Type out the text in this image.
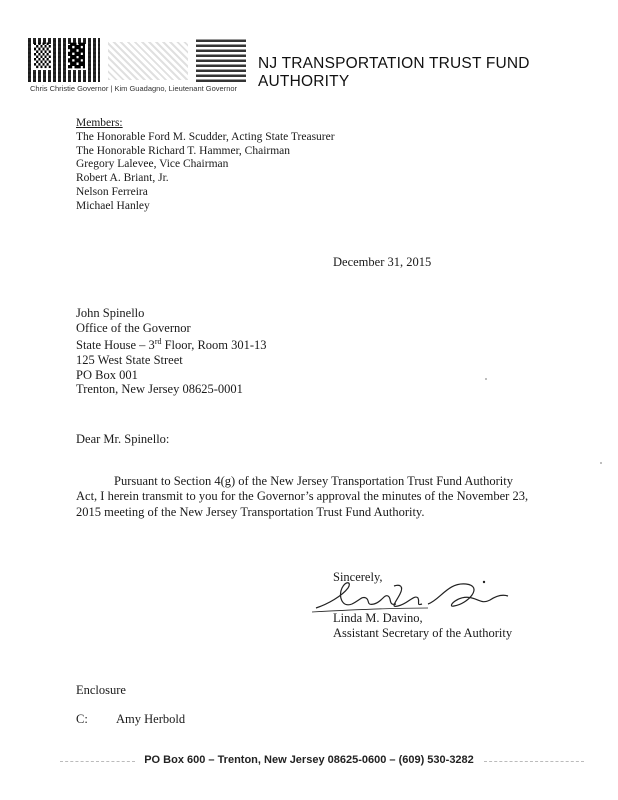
▒ ▓	NJ TRANSPORTATION TRUST FUND AUTHORITY
Chris Christie Governor | Kim Guadagno, Lieutenant Governor
Members:
The Honorable Ford M. Scudder, Acting State Treasurer
The Honorable Richard T. Hammer, Chairman
Gregory Lalevee, Vice Chairman
Robert A. Briant, Jr.
Nelson Ferreira
Michael Hanley
December 31, 2015
John Spinello
Office of the Governor
State House – 3rd Floor, Room 301-13
125 West State Street
PO Box 001
Trenton, New Jersey 08625-0001
Dear Mr. Spinello:
Pursuant to Section 4(g) of the New Jersey Transportation Trust Fund Authority Act, I herein transmit to you for the Governor’s approval the minutes of the November 23, 2015 meeting of the New Jersey Transportation Trust Fund Authority.
Sincerely,
Linda M. Davino,
Assistant Secretary of the Authority
Enclosure
C: Amy Herbold
PO Box 600 – Trenton, New Jersey 08625-0600 – (609) 530-3282
